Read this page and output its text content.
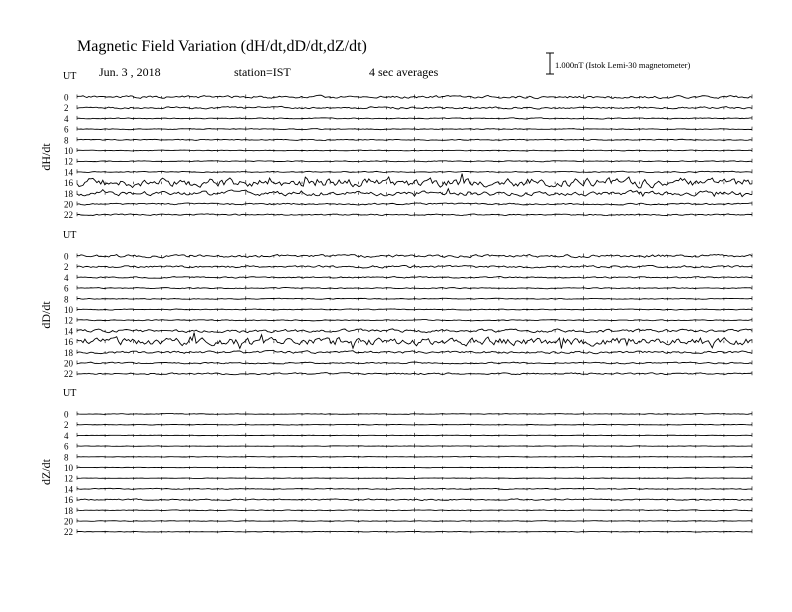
Magnetic Field Variation (dH/dt,dD/dt,dZ/dt)
Jun. 3 , 2018	station=IST	4 sec averages	1.000nT (Istok Lemi-30 magnetometer)
UT
dH/dt
0
2
4
6
8
10
12
14
16
18
20
22
UT
dD/dt
0
2
4
6
8
10
12
14
16
18
20
22
UT
dZ/dt
0
2
4
6
8
10
12
14
16
18
20
22
